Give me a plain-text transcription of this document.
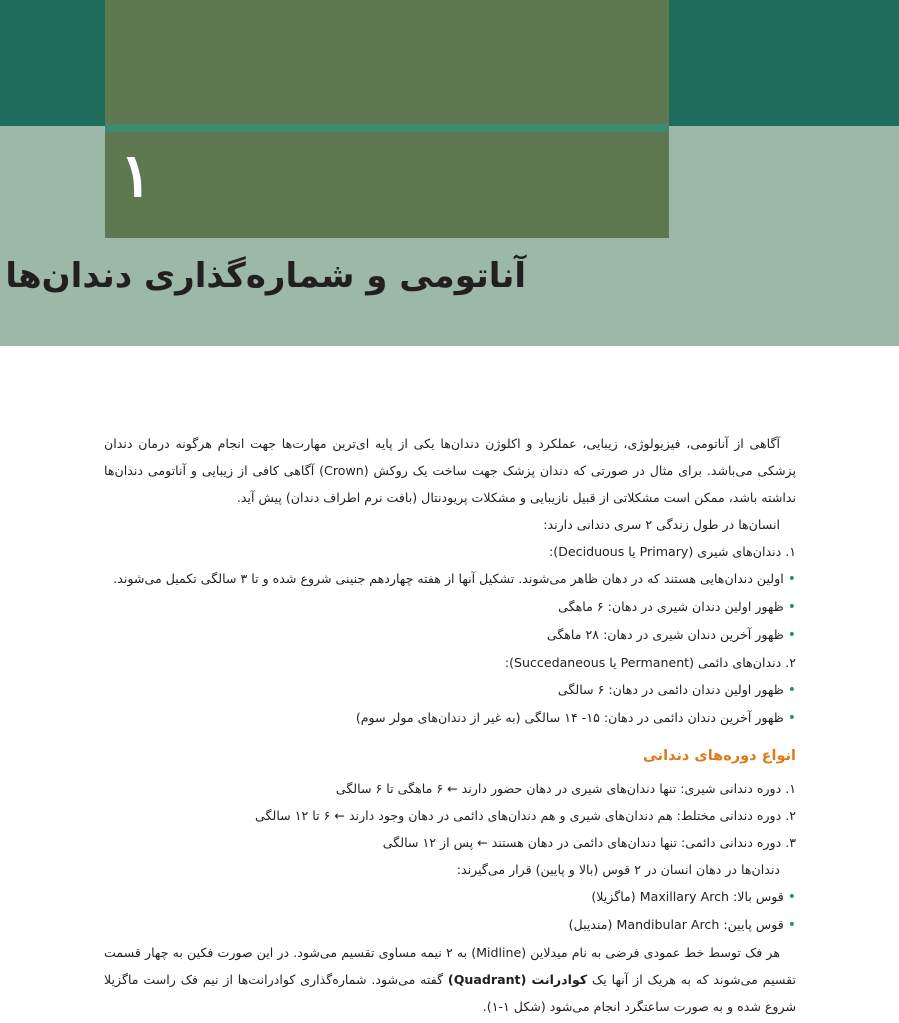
۱

آناتومی و شماره‌گذاری دندان‌ها

آگاهی از آناتومی، فیزیولوژی، زیبایی، عملکرد و اکلوژن دندان‌ها یکی از پایه ای‌ترین مهارت‌ها جهت انجام هرگونه درمان دندان پزشکی می‌باشد. برای مثال در صورتی که دندان پزشک جهت ساخت یک روکش (Crown) آگاهی کافی از زیبایی و آناتومی دندان‌ها نداشته باشد، ممکن است مشکلاتی از قبیل نازیبایی و مشکلات پریودنتال (بافت نرم اطراف دندان) پیش آید.

انسان‌ها در طول زندگی ۲ سری دندانی دارند:

۱. دندان‌های شیری (Primary یا Deciduous):

•اولین دندان‌هایی هستند که در دهان ظاهر می‌شوند. تشکیل آنها از هفته چهاردهم جنینی شروع شده و تا ۳ سالگی تکمیل می‌شوند.

•ظهور اولین دندان شیری در دهان: ۶ ماهگی

•ظهور آخرین دندان شیری در دهان: ۲۸ ماهگی

۲. دندان‌های دائمی (Permanent یا Succedaneous):

•ظهور اولین دندان دائمی در دهان: ۶ سالگی

•ظهور آخرین دندان دائمی در دهان: ۱۵- ۱۴ سالگی (به غیر از دندان‌های مولر سوم)

انواع دوره‌های دندانی

۱. دوره دندانی شیری: تنها دندان‌های شیری در دهان حضور دارند ← ۶ ماهگی تا ۶ سالگی

۲. دوره دندانی مختلط: هم دندان‌های شیری و هم دندان‌های دائمی در دهان وجود دارند ← ۶ تا ۱۲ سالگی

۳. دوره دندانی دائمی: تنها دندان‌های دائمی در دهان هستند ← پس از ۱۲ سالگی

دندان‌ها در دهان انسان در ۲ قوس (بالا و پایین) قرار می‌گیرند:

•قوس بالا: Maxillary Arch (ماگزیلا)

•قوس پایین: Mandibular Arch (مندیبل)

هر فک توسط خط عمودی فرضی به نام میدلاین (Midline) به ۲ نیمه مساوی تقسیم می‌شود. در این صورت فکین به چهار قسمت تقسیم می‌شوند که به هریک از آنها یک کوادرانت (Quadrant) گفته می‌شود. شماره‌گذاری کوادرانت‌ها از نیم فک راست ماگزیلا شروع شده و به صورت ساعتگرد انجام می‌شود (شکل ۱-۱).
